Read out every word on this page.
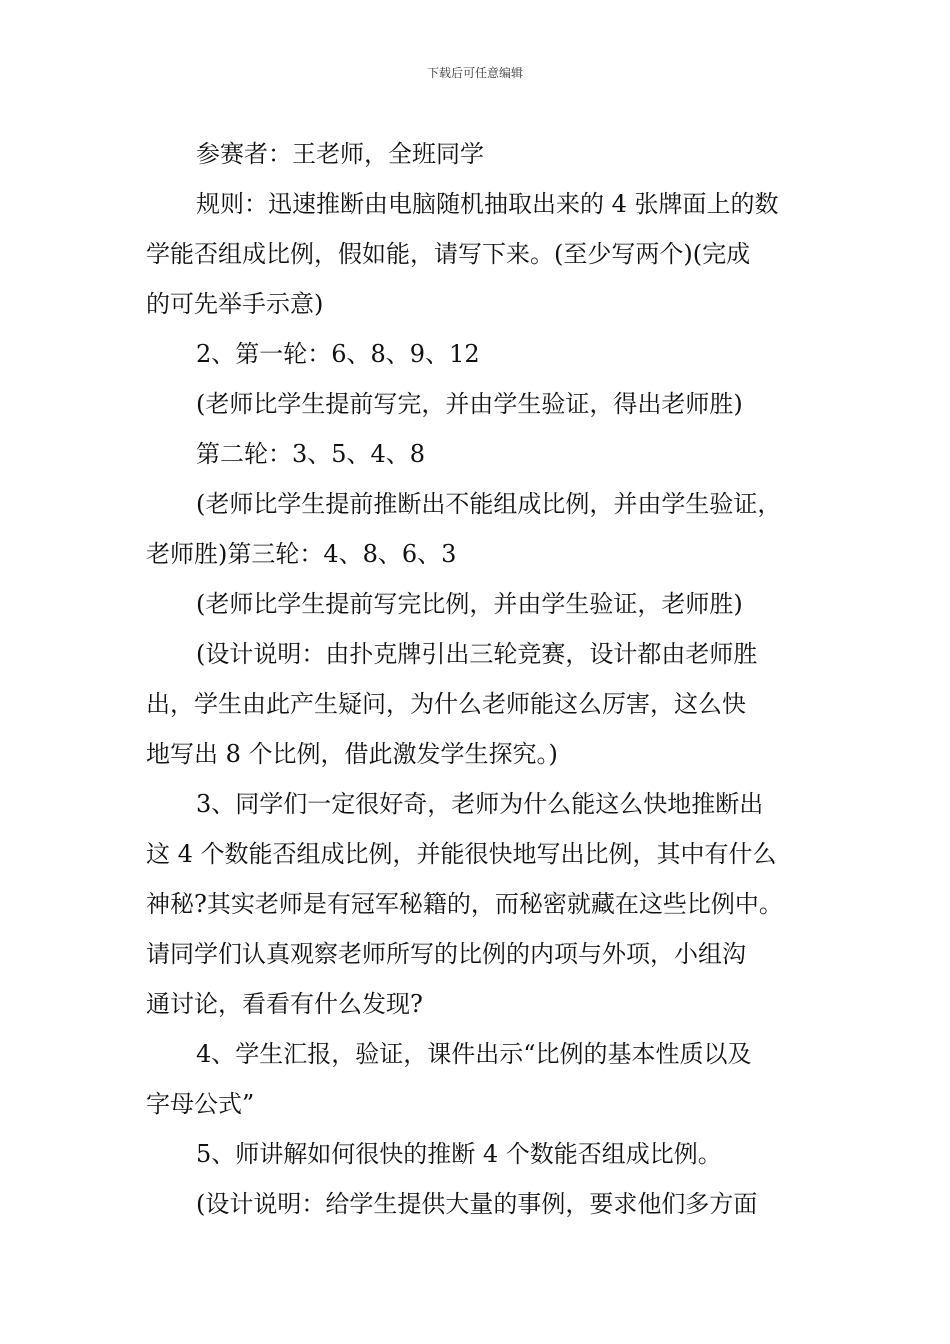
下载后可任意编辑
参赛者：王老师，全班同学
规则：迅速推断由电脑随机抽取出来的 4 张牌面上的数
学能否组成比例，假如能，请写下来。(至少写两个)(完成
的可先举手示意)
2、第一轮：6、8、9、12
(老师比学生提前写完，并由学生验证，得出老师胜)
第二轮：3、5、4、8
(老师比学生提前推断出不能组成比例，并由学生验证，
老师胜)第三轮：4、8、6、3
(老师比学生提前写完比例，并由学生验证，老师胜)
(设计说明：由扑克牌引出三轮竞赛，设计都由老师胜
出，学生由此产生疑问，为什么老师能这么厉害，这么快
地写出 8 个比例，借此激发学生探究。)
3、同学们一定很好奇，老师为什么能这么快地推断出
这 4 个数能否组成比例，并能很快地写出比例，其中有什么
神秘?其实老师是有冠军秘籍的，而秘密就藏在这些比例中。
请同学们认真观察老师所写的比例的内项与外项，小组沟
通讨论，看看有什么发现?
4、学生汇报，验证，课件出示“比例的基本性质以及
字母公式”
5、师讲解如何很快的推断 4 个数能否组成比例。
(设计说明：给学生提供大量的事例，要求他们多方面
